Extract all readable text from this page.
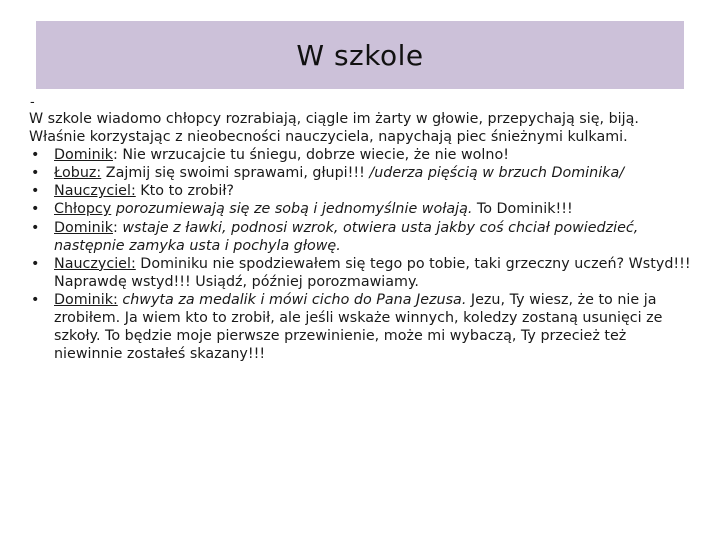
W szkole
-

W szkole wiadomo chłopcy rozrabiają, ciągle im żarty w głowie, przepychają się, biją. Właśnie korzystając z nieobecności nauczyciela, napychają piec śnieżnymi kulkami.

• Dominik: Nie wrzucajcie tu śniegu, dobrze wiecie, że nie wolno!
• Łobuz: Zajmij się swoimi sprawami, głupi!!! /uderza pięścią w brzuch Dominika/
• Nauczyciel: Kto to zrobił?
• Chłopcy porozumiewają się ze sobą i jednomyślnie wołają. To Dominik!!!
• Dominik: wstaje z ławki, podnosi wzrok, otwiera usta jakby coś chciał powiedzieć, następnie zamyka usta i pochyla głowę.
• Nauczyciel: Dominiku nie spodziewałem się tego po tobie, taki grzeczny uczeń? Wstyd!!! Naprawdę wstyd!!! Usiądź, później porozmawiamy.
• Dominik: chwyta za medalik i mówi cicho do Pana Jezusa. Jezu, Ty wiesz, że to nie ja zrobiłem. Ja wiem kto to zrobił, ale jeśli wskaże winnych, koledzy zostaną usunięci ze szkoły. To będzie moje pierwsze przewinienie, może mi wybaczą, Ty przecież też niewinnie zostałeś skazany!!!
